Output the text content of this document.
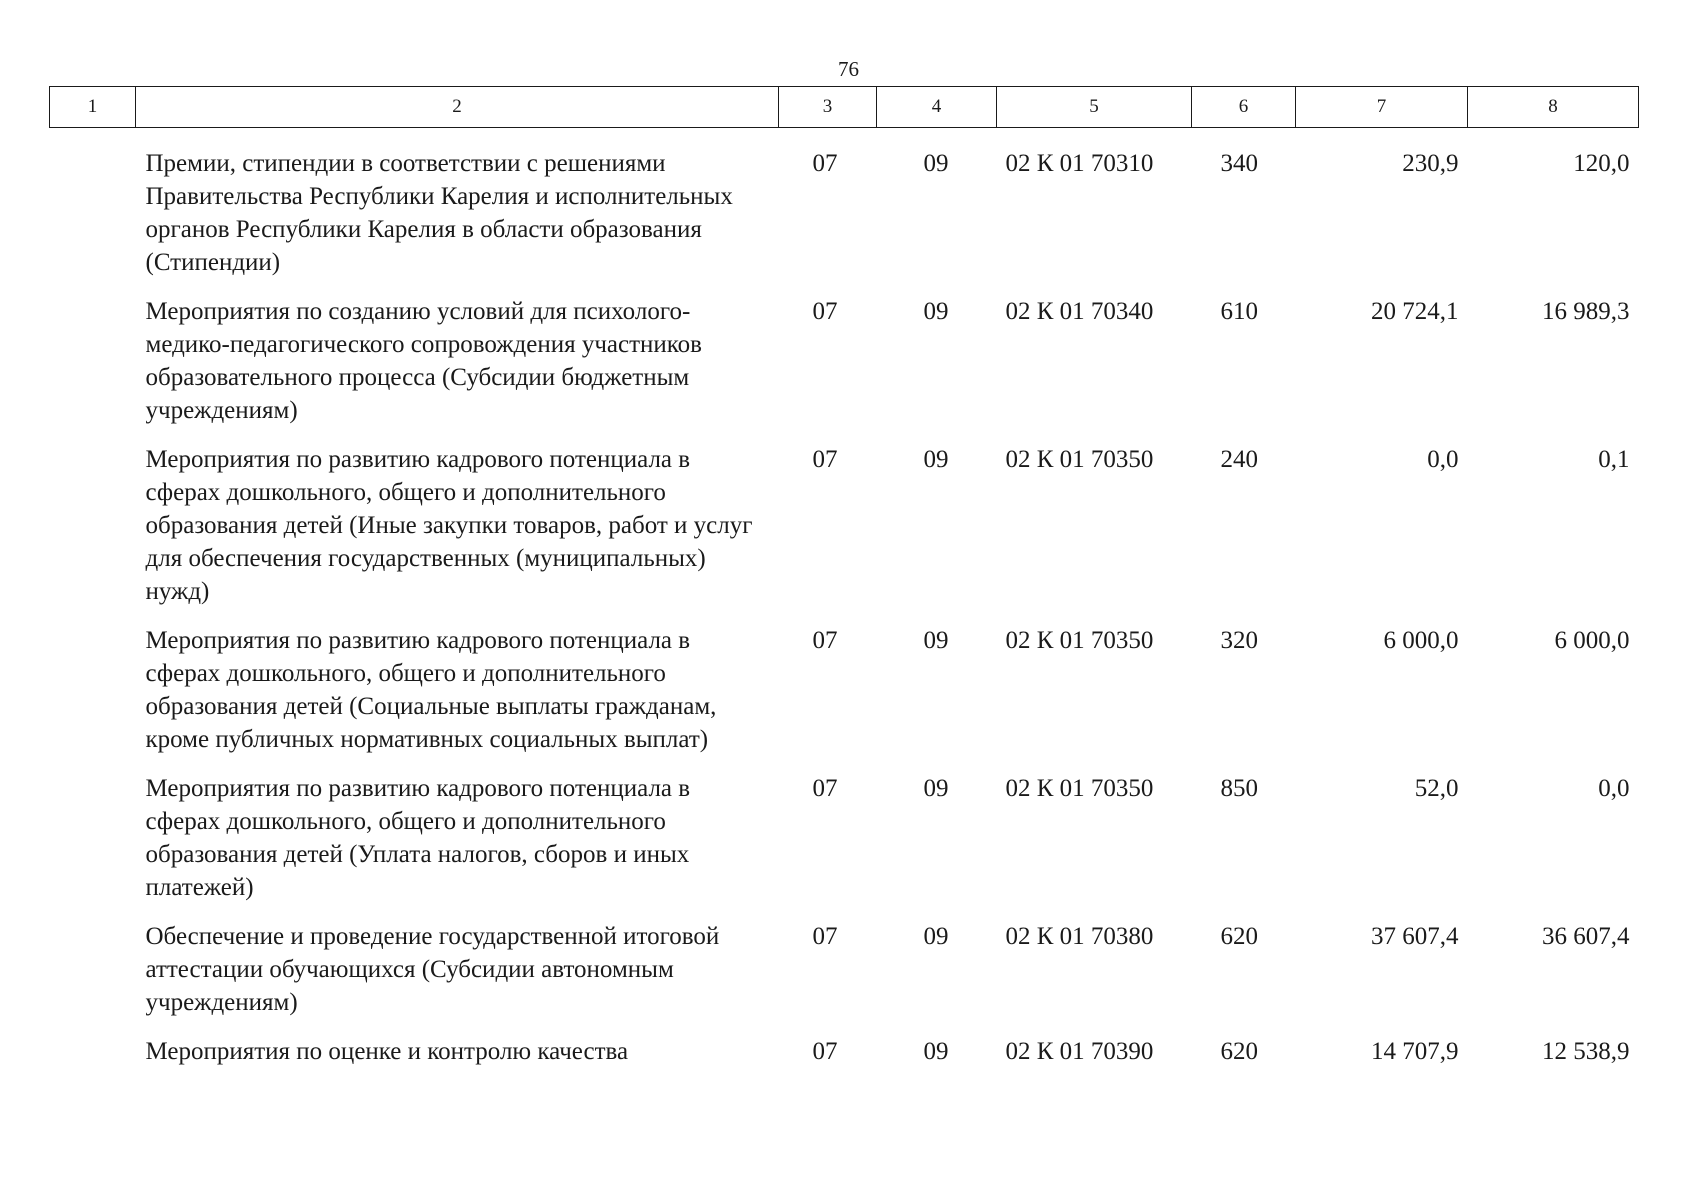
76
1	2	3	4	5	6	7	8
	Премии, стипендии в соответствии с решениями Правительства Республики Карелия и исполнительных органов Республики Карелия в области образования (Стипендии)	07	09	02 К 01 70310	340	230,9	120,0
	Мероприятия по созданию условий для психолого-медико-педагогического сопровождения участников образовательного процесса (Субсидии бюджетным учреждениям)	07	09	02 К 01 70340	610	20 724,1	16 989,3
	Мероприятия по развитию кадрового потенциала в сферах дошкольного, общего и дополнительного образования детей (Иные закупки товаров, работ и услуг для обеспечения государственных (муниципальных) нужд)	07	09	02 К 01 70350	240	0,0	0,1
	Мероприятия по развитию кадрового потенциала в сферах дошкольного, общего и дополнительного образования детей (Социальные выплаты гражданам, кроме публичных нормативных социальных выплат)	07	09	02 К 01 70350	320	6 000,0	6 000,0
	Мероприятия по развитию кадрового потенциала в сферах дошкольного, общего и дополнительного образования детей (Уплата налогов, сборов и иных платежей)	07	09	02 К 01 70350	850	52,0	0,0
	Обеспечение и проведение государственной итоговой аттестации обучающихся (Субсидии автономным учреждениям)	07	09	02 К 01 70380	620	37 607,4	36 607,4
	Мероприятия по оценке и контролю качества	07	09	02 К 01 70390	620	14 707,9	12 538,9
